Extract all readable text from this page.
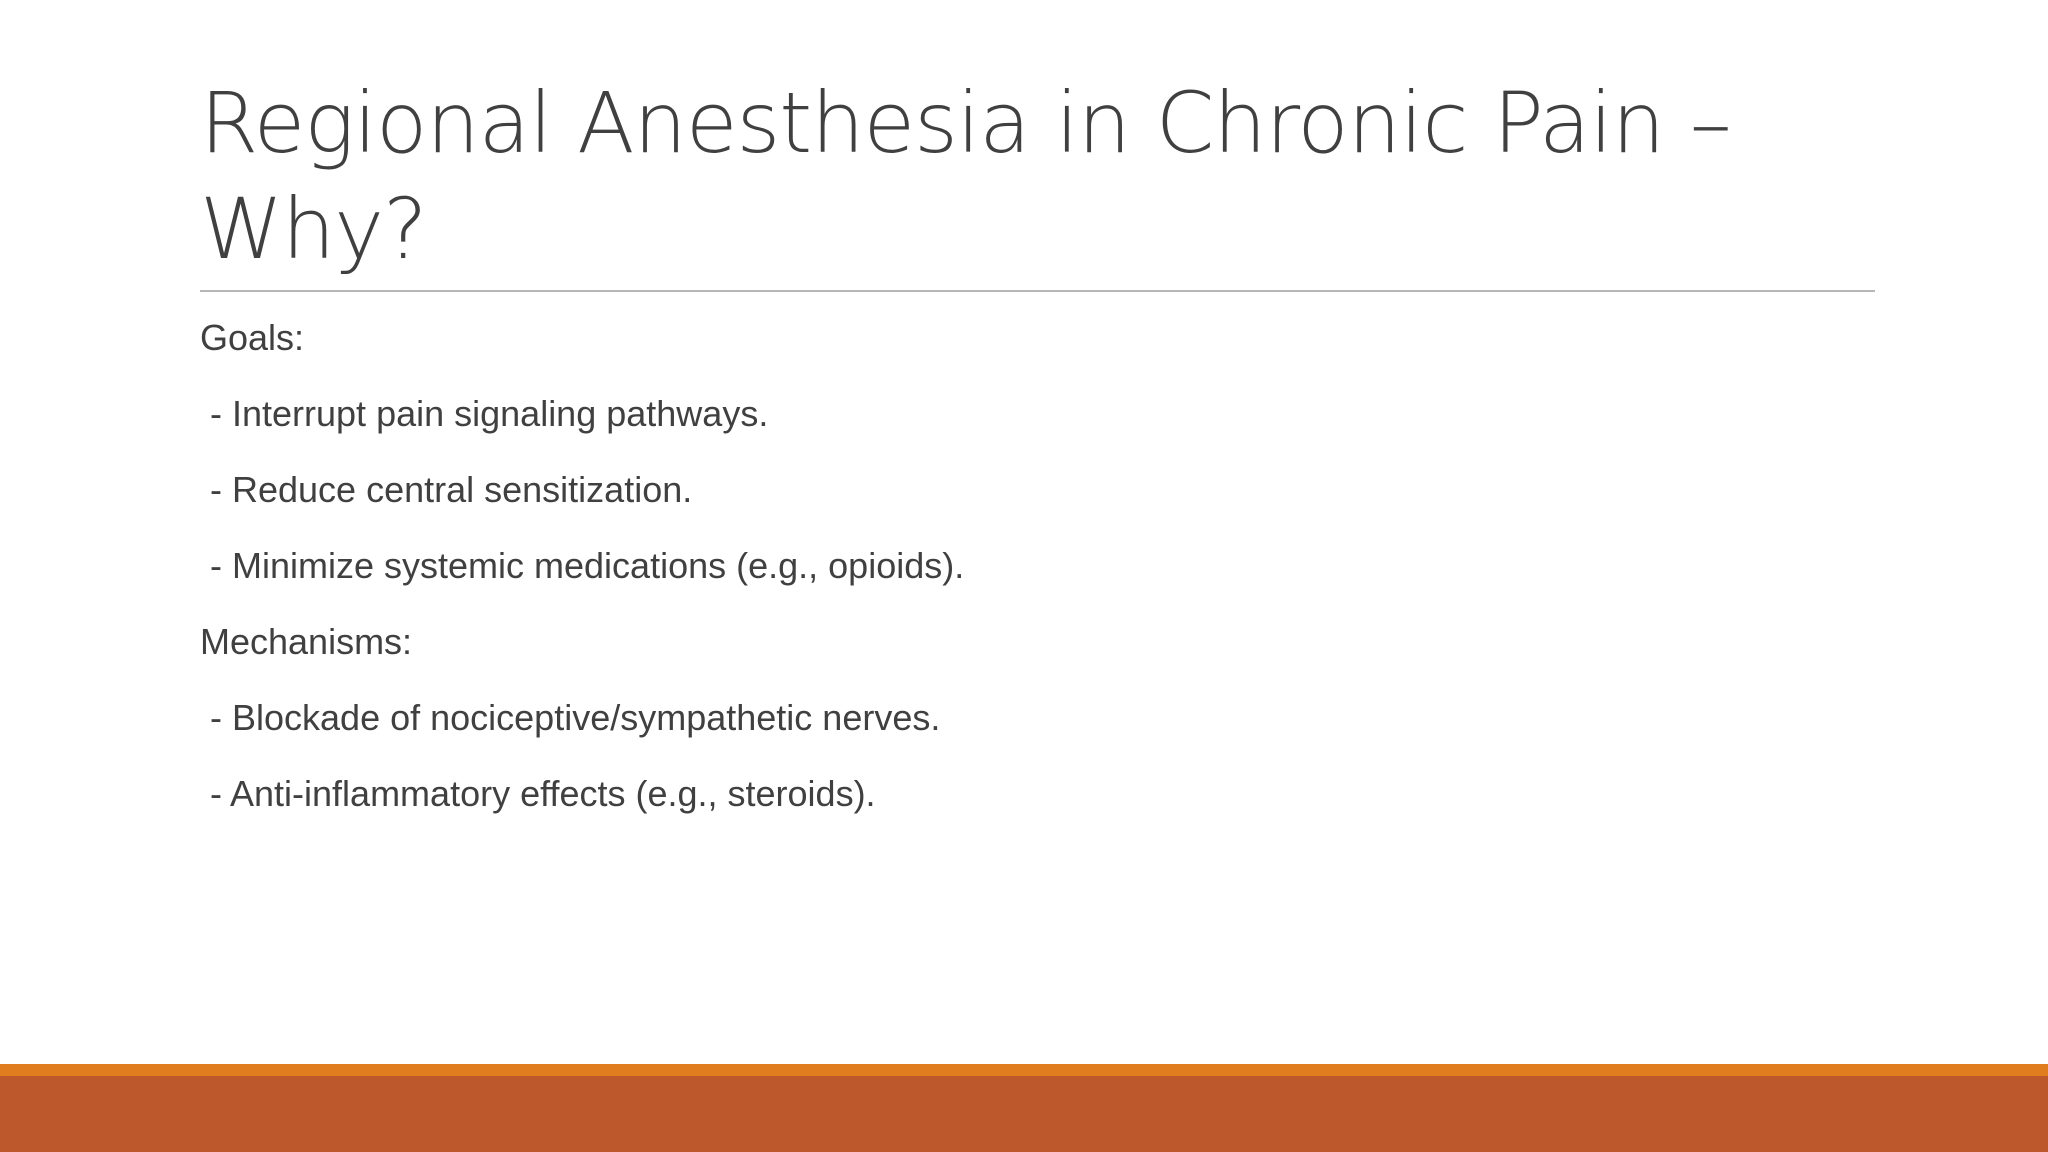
Regional Anesthesia in Chronic Pain – Why?
Goals:
- Interrupt pain signaling pathways.
- Reduce central sensitization.
- Minimize systemic medications (e.g., opioids).
Mechanisms:
- Blockade of nociceptive/sympathetic nerves.
- Anti-inflammatory effects (e.g., steroids).
